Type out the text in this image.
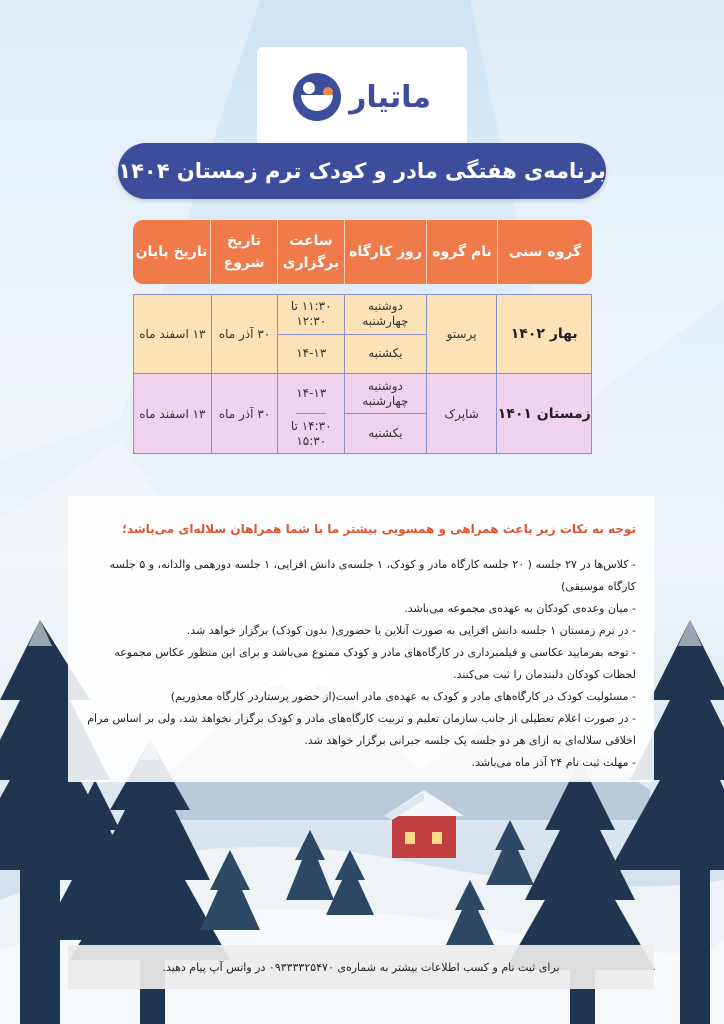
ماتیار
برنامه‌ی هفتگی مادر و کودک ترم زمستان ۱۴۰۴
گروه سنی
نام گروه
روز کارگاه
ساعت برگزاری
تاریخ شروع
تاریخ پایان
بهار ۱۴۰۲
پرستو
دوشنبه چهارشنبه
یکشنبه
۱۱:۳۰ تا ۱۲:۳۰
۱۴-۱۳
۳۰ آذر ماه
۱۳ اسفند ماه
زمستان ۱۴۰۱
شاپرک
دوشنبه چهارشنبه
یکشنبه
۱۴-۱۳
۱۴:۳۰ تا ۱۵:۳۰
۳۰ آذر ماه
۱۳ اسفند ماه
توجه به نکات زیر باعث همراهی و همسویی بیشتر ما با شما همراهان سلاله‌ای می‌باشد؛
- کلاس‌ها در ۲۷ جلسه ( ۲۰ جلسه کارگاه مادر و کودک، ۱ جلسه‌ی دانش افزایی، ۱ جلسه دورهمی والدانه، و ۵ جلسه کارگاه موسیقی)
- میان وعده‌ی کودکان به عهده‌ی مجموعه می‌باشد.
- در ترم زمستان ۱ جلسه دانش افزایی به صورت آنلاین یا حضوری( بدون کودک) برگزار خواهد شد.
- توجه بفرمایید عکاسی و فیلمبرداری در کارگاه‌های مادر و کودک ممنوع می‌باشد و برای این منظور عکاس مجموعه لحظات کودکان دلبندمان را ثبت می‌کنند.
- مسئولیت کودک در کارگاه‌های مادر و کودک به عهده‌ی مادر است(از حضور پرستاردر کارگاه معذوریم)
- در صورت اعلام تعطیلی از جانب سازمان تعلیم و تربیت کارگاه‌های مادر و کودک برگزار نخواهد شد، ولی بر اساس مرام اخلاقی سلاله‌ای به ازای هر دو جلسه یک جلسه جبرانی برگزار خواهد شد.
- مهلت ثبت نام ۲۴ آذر ماه می‌باشد.
برای ثبت نام و کسب اطلاعات بیشتر به شماره‌ی ۰۹۳۳۳۳۲۵۴۷۰ در واتس آپ پیام دهید.
